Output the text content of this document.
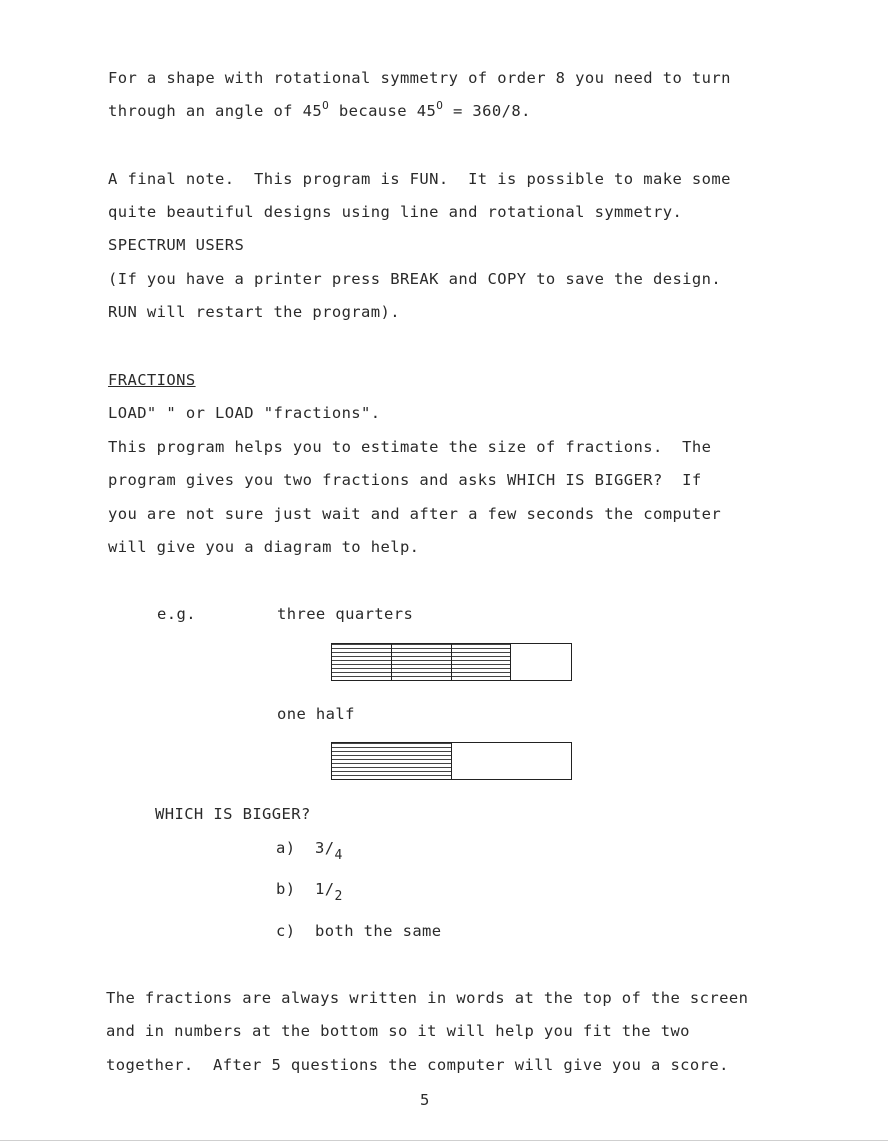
For a shape with rotational symmetry of order 8 you need to turn
through an angle of $45^O$ because $45^O = 360/8$.
A final note.  This program is FUN.  It is possible to make some
quite beautiful designs using line and rotational symmetry.
SPECTRUM USERS
(If you have a printer press BREAK and COPY to save the design.
RUN will restart the program).
FRACTIONS
LOAD" " or LOAD "fractions".
This program helps you to estimate the size of fractions.  The
program gives you two fractions and asks WHICH IS BIGGER?  If
you are not sure just wait and after a few seconds the computer
will give you a diagram to help.
e.g.	three quarters
one half
WHICH IS BIGGER?
a) $3/_4$
b) $1/_2$
c) both the same
The fractions are always written in words at the top of the screen
and in numbers at the bottom so it will help you fit the two
together.  After 5 questions the computer will give you a score.
5
